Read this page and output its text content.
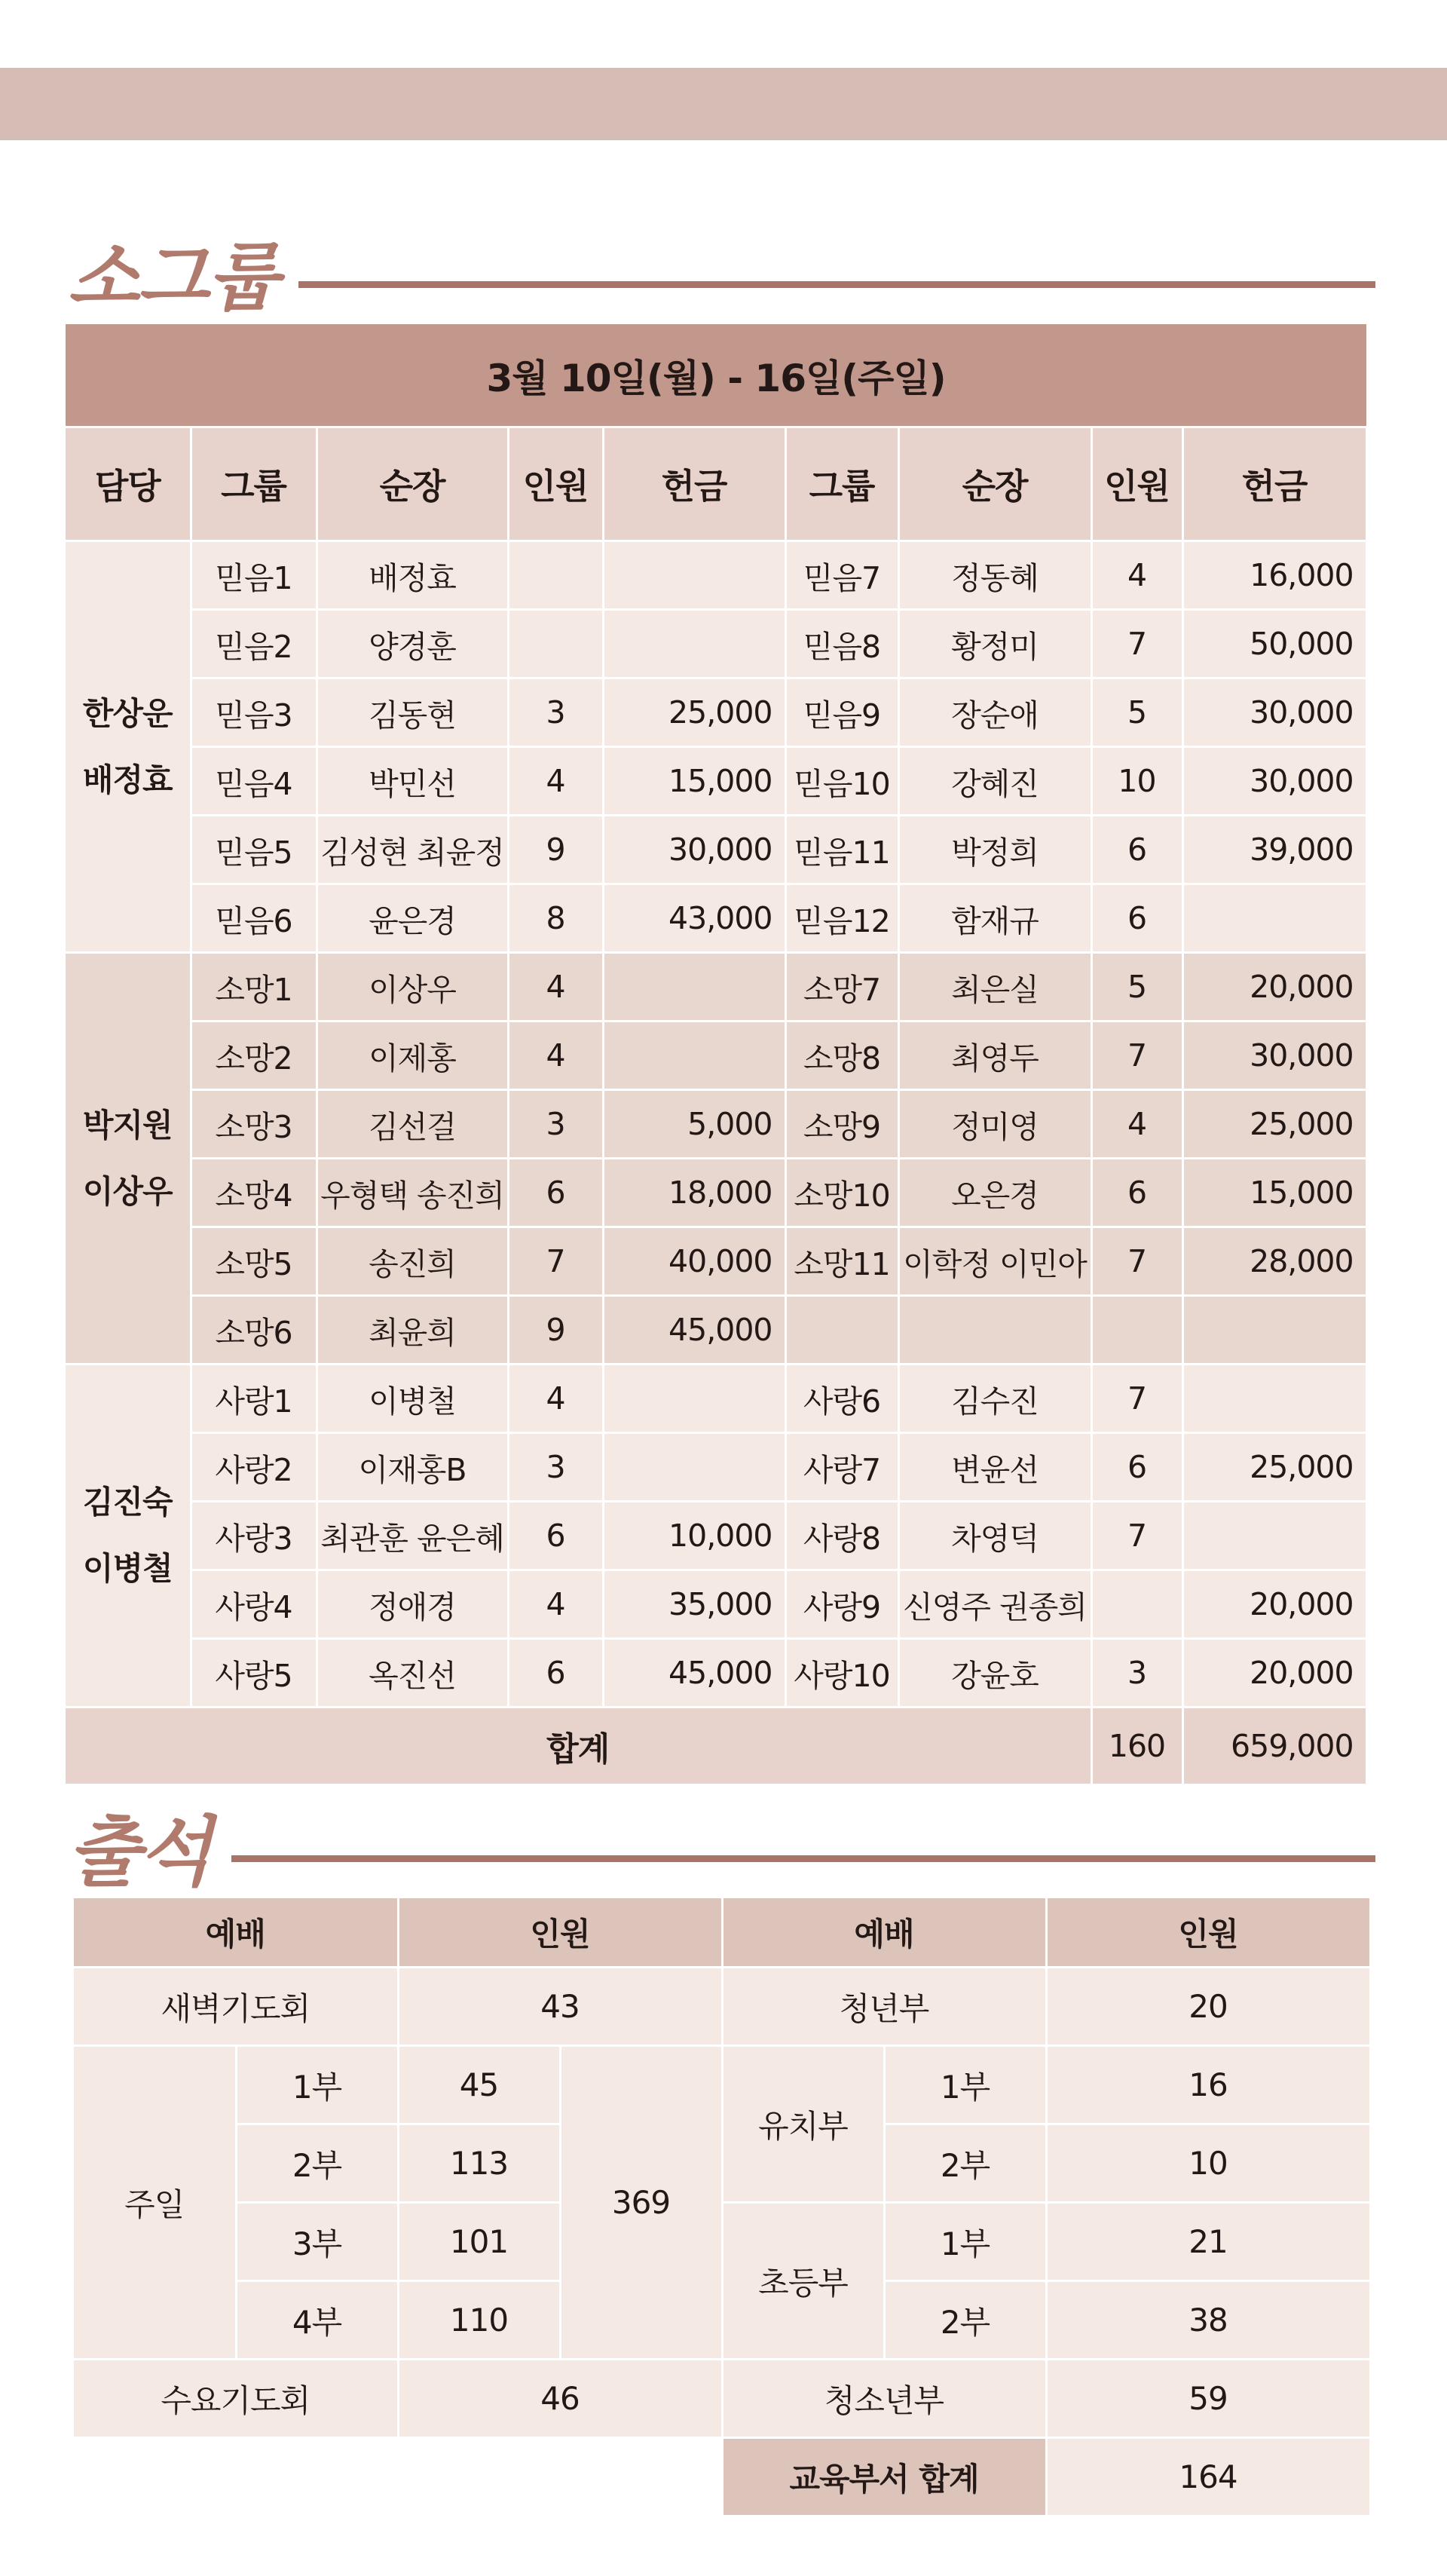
소그룹
3월 10일(월) - 16일(주일)								
담당	그룹	순장	인원	헌금	그룹	순장	인원	헌금

한상운
배정효	믿음1	배정효			믿음7	정동혜	4	16,000
	믿음2	양경훈			믿음8	황정미	7	50,000
	믿음3	김동현	3	25,000	믿음9	장순애	5	30,000
	믿음4	박민선	4	15,000	믿음10	강혜진	10	30,000
	믿음5	김성현 최윤정	9	30,000	믿음11	박정희	6	39,000
	믿음6	윤은경	8	43,000	믿음12	함재규	6	

박지원
이상우	소망1	이상우	4		소망7	최은실	5	20,000
	소망2	이제홍	4		소망8	최영두	7	30,000
	소망3	김선걸	3	5,000	소망9	정미영	4	25,000
	소망4	우형택 송진희	6	18,000	소망10	오은경	6	15,000
	소망5	송진희	7	40,000	소망11	이학정 이민아	7	28,000
	소망6	최윤희	9	45,000				

김진숙
이병철	사랑1	이병철	4		사랑6	김수진	7	
	사랑2	이재홍B	3		사랑7	변윤선	6	25,000
	사랑3	최관훈 윤은혜	6	10,000	사랑8	차영덕	7	
	사랑4	정애경	4	35,000	사랑9	신영주 권종희		20,000
	사랑5	옥진선	6	45,000	사랑10	강윤호	3	20,000
합계							160	659,000
출석
예배		인원		예배		인원
새벽기도회		43		청년부		20
주일	1부	45	369	유치부	1부	16
	2부	113			2부	10
	3부	101		초등부	1부	21
	4부	110			2부	38
수요기도회		46		청소년부		59
				교육부서 합계		164
